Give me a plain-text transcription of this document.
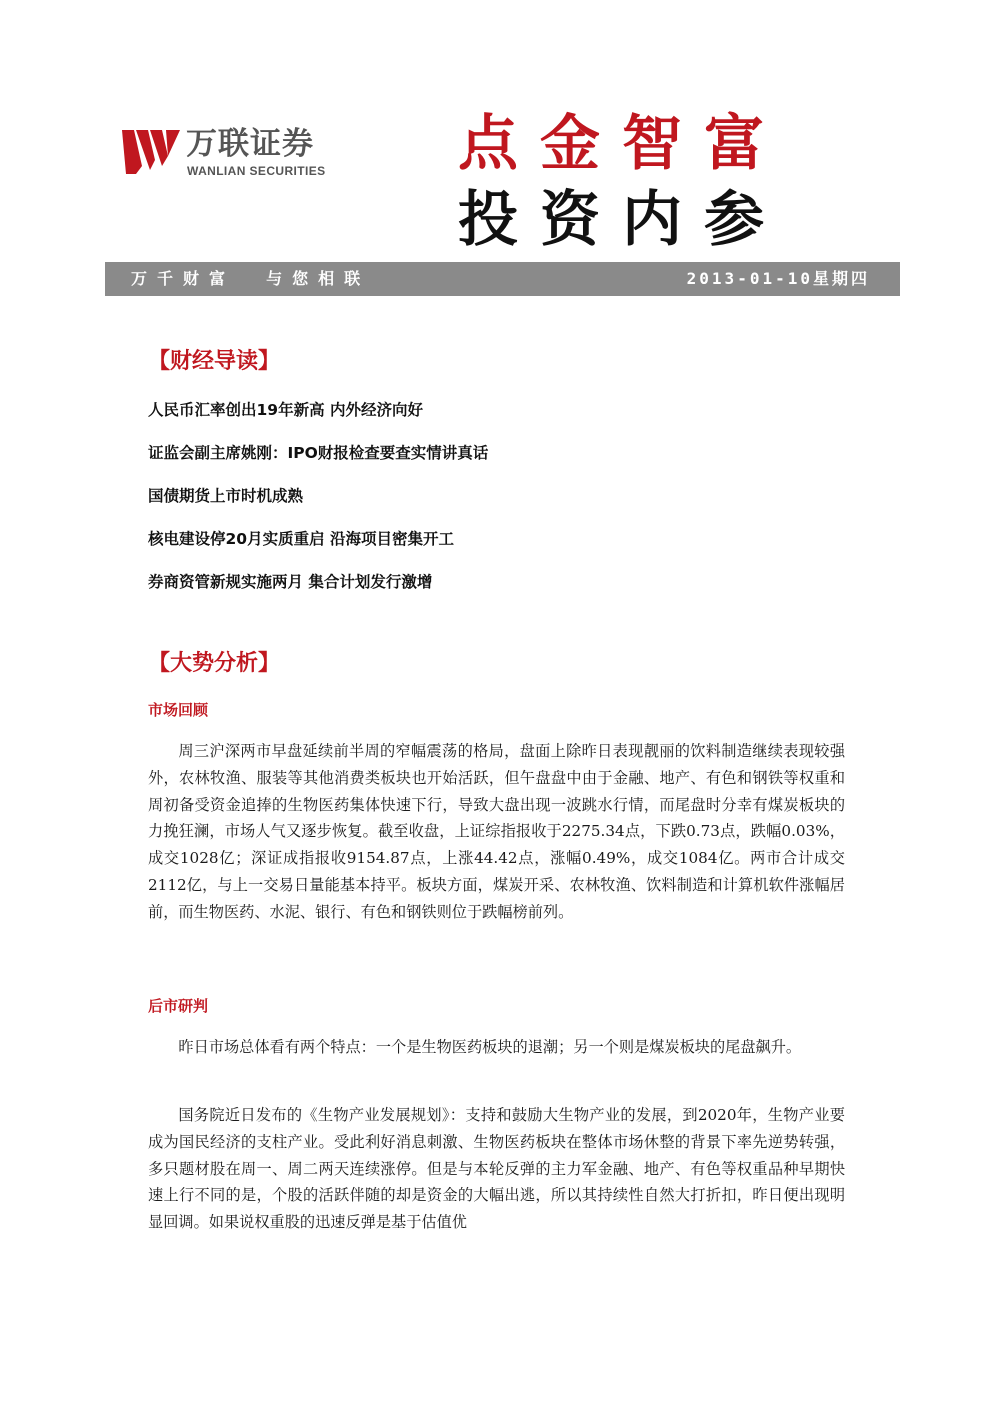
万联证券
WANLIAN SECURITIES 点金智富
投资内参
万千财富  与您相联	2013-01-10星期四
【财经导读】
人民币汇率创出19年新高 内外经济向好
证监会副主席姚刚：IPO财报检查要查实情讲真话
国债期货上市时机成熟
核电建设停20月实质重启 沿海项目密集开工
券商资管新规实施两月 集合计划发行激增
【大势分析】
市场回顾

周三沪深两市早盘延续前半周的窄幅震荡的格局，盘面上除昨日表现靓丽的饮料制造继续表现较强外，农林牧渔、服装等其他消费类板块也开始活跃，但午盘盘中由于金融、地产、有色和钢铁等权重和周初备受资金追捧的生物医药集体快速下行，导致大盘出现一波跳水行情，而尾盘时分幸有煤炭板块的力挽狂澜，市场人气又逐步恢复。截至收盘，上证综指报收于2275.34点，下跌0.73点，跌幅0.03%，成交1028亿；深证成指报收9154.87点，上涨44.42点，涨幅0.49%，成交1084亿。两市合计成交2112亿，与上一交易日量能基本持平。板块方面，煤炭开采、农林牧渔、饮料制造和计算机软件涨幅居前，而生物医药、水泥、银行、有色和钢铁则位于跌幅榜前列。

后市研判

昨日市场总体看有两个特点：一个是生物医药板块的退潮；另一个则是煤炭板块的尾盘飙升。

国务院近日发布的《生物产业发展规划》：支持和鼓励大生物产业的发展，到2020年，生物产业要成为国民经济的支柱产业。受此利好消息刺激、生物医药板块在整体市场休整的背景下率先逆势转强，多只题材股在周一、周二两天连续涨停。但是与本轮反弹的主力军金融、地产、有色等权重品种早期快速上行不同的是，个股的活跃伴随的却是资金的大幅出逃，所以其持续性自然大打折扣，昨日便出现明显回调。如果说权重股的迅速反弹是基于估值优
